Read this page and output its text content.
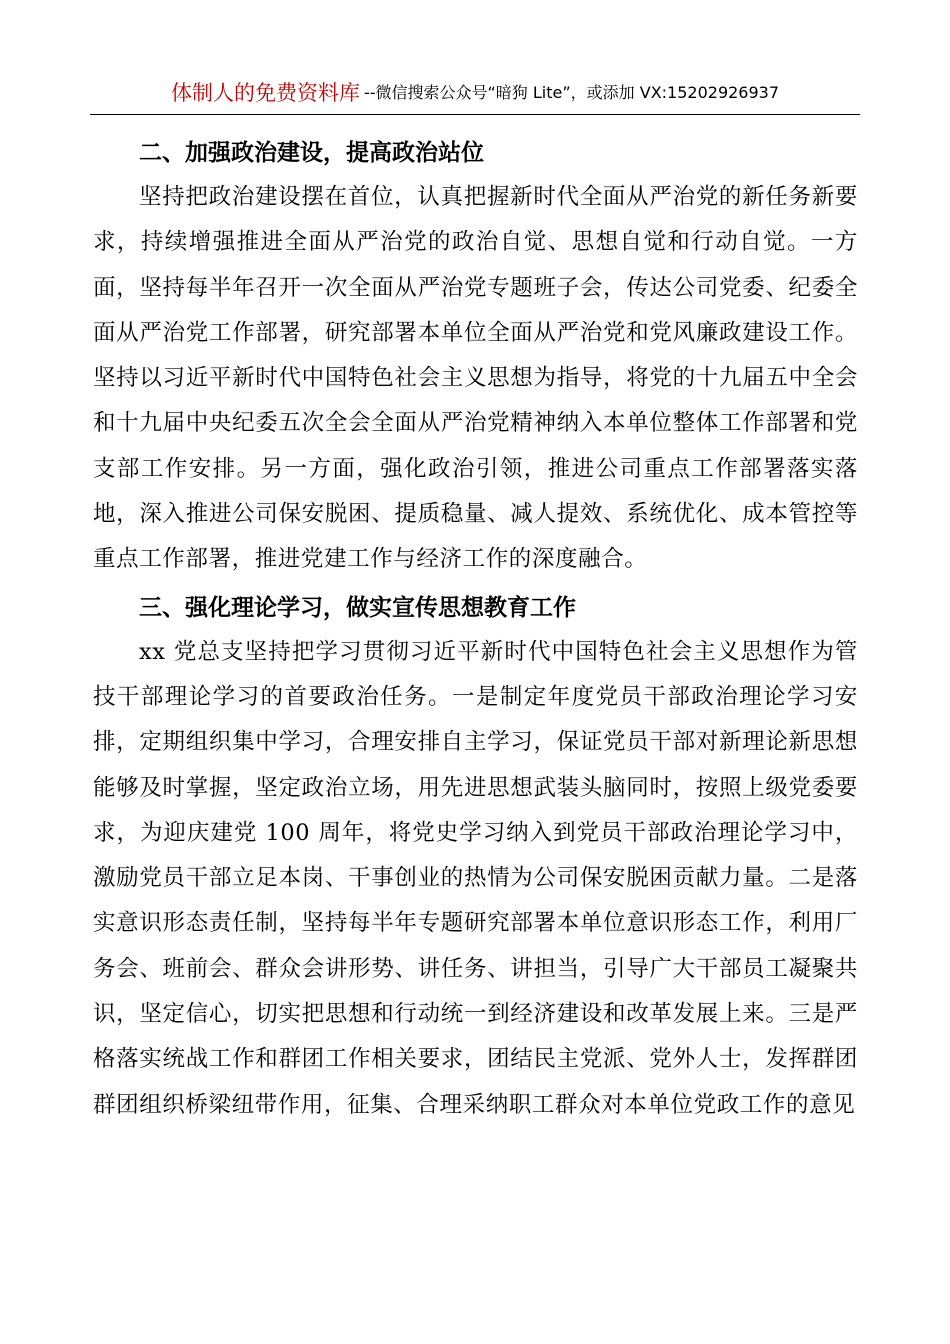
体制人的免费资料库 --微信搜索公众号“暗狗 Lite”，或添加 VX:15202926937
二、加强政治建设，提高政治站位

坚持把政治建设摆在首位，认真把握新时代全面从严治党的新任务新要求，持续增强推进全面从严治党的政治自觉、思想自觉和行动自觉。一方面，坚持每半年召开一次全面从严治党专题班子会，传达公司党委、纪委全面从严治党工作部署，研究部署本单位全面从严治党和党风廉政建设工作。坚持以习近平新时代中国特色社会主义思想为指导，将党的十九届五中全会和十九届中央纪委五次全会全面从严治党精神纳入本单位整体工作部署和党支部工作安排。另一方面，强化政治引领，推进公司重点工作部署落实落地，深入推进公司保安脱困、提质稳量、减人提效、系统优化、成本管控等重点工作部署，推进党建工作与经济工作的深度融合。

三、强化理论学习，做实宣传思想教育工作

xx 党总支坚持把学习贯彻习近平新时代中国特色社会主义思想作为管技干部理论学习的首要政治任务。一是制定年度党员干部政治理论学习安排，定期组织集中学习，合理安排自主学习，保证党员干部对新理论新思想能够及时掌握，坚定政治立场，用先进思想武装头脑同时，按照上级党委要求，为迎庆建党 100 周年，将党史学习纳入到党员干部政治理论学习中，激励党员干部立足本岗、干事创业的热情为公司保安脱困贡献力量。二是落实意识形态责任制，坚持每半年专题研究部署本单位意识形态工作，利用厂务会、班前会、群众会讲形势、讲任务、讲担当，引导广大干部员工凝聚共识，坚定信心，切实把思想和行动统一到经济建设和改革发展上来。三是严格落实统战工作和群团工作相关要求，团结民主党派、党外人士，发挥群团群团组织桥梁纽带作用，征集、合理采纳职工群众对本单位党政工作的意见
